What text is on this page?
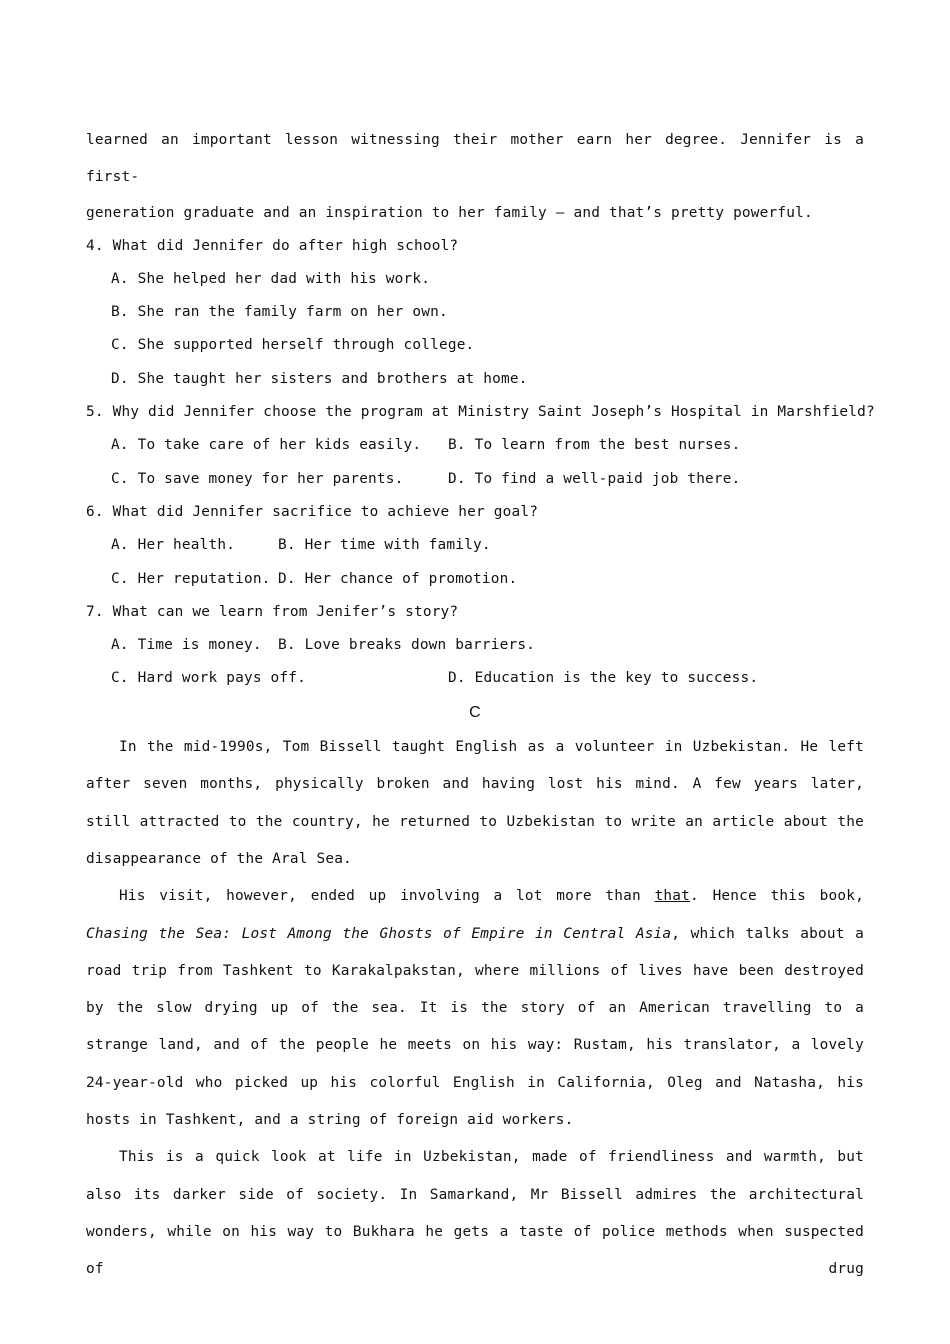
learned an important lesson witnessing their mother earn her degree. Jennifer is a first-

generation graduate and an inspiration to her family — and that’s pretty powerful.

4. What did Jennifer do after high school?

A. She helped her dad with his work.

B. She ran the family farm on her own.

C. She supported herself through college.

D. She taught her sisters and brothers at home.

5. Why did Jennifer choose the program at Ministry Saint Joseph’s Hospital in Marshfield?

A. To take care of her kids easily. B. To learn from the best nurses.

C. To save money for her parents.	D. To find a well-paid job there.

6. What did Jennifer sacrifice to achieve her goal?

A. Her health.	B. Her time with family.

C. Her reputation. D. Her chance of promotion.

7. What can we learn from Jenifer’s story?

A. Time is money. B. Love breaks down barriers.

C. Hard work pays off.	D. Education is the key to success.

C

In the mid-1990s, Tom Bissell taught English as a volunteer in Uzbekistan. He left after seven months, physically broken and having lost his mind. A few years later, still attracted to the country, he returned to Uzbekistan to write an article about the disappearance of the Aral Sea.

His visit, however, ended up involving a lot more than that. Hence this book, Chasing the Sea: Lost Among the Ghosts of Empire in Central Asia, which talks about a road trip from Tashkent to Karakalpakstan, where millions of lives have been destroyed by the slow drying up of the sea. It is the story of an American travelling to a strange land, and of the people he meets on his way: Rustam, his translator, a lovely 24-year-old who picked up his colorful English in California, Oleg and Natasha, his hosts in Tashkent, and a string of foreign aid workers.

This is a quick look at life in Uzbekistan, made of friendliness and warmth, but also its darker side of society. In Samarkand, Mr Bissell admires the architectural wonders, while on his way to Bukhara he gets a taste of police methods when suspected of drug
